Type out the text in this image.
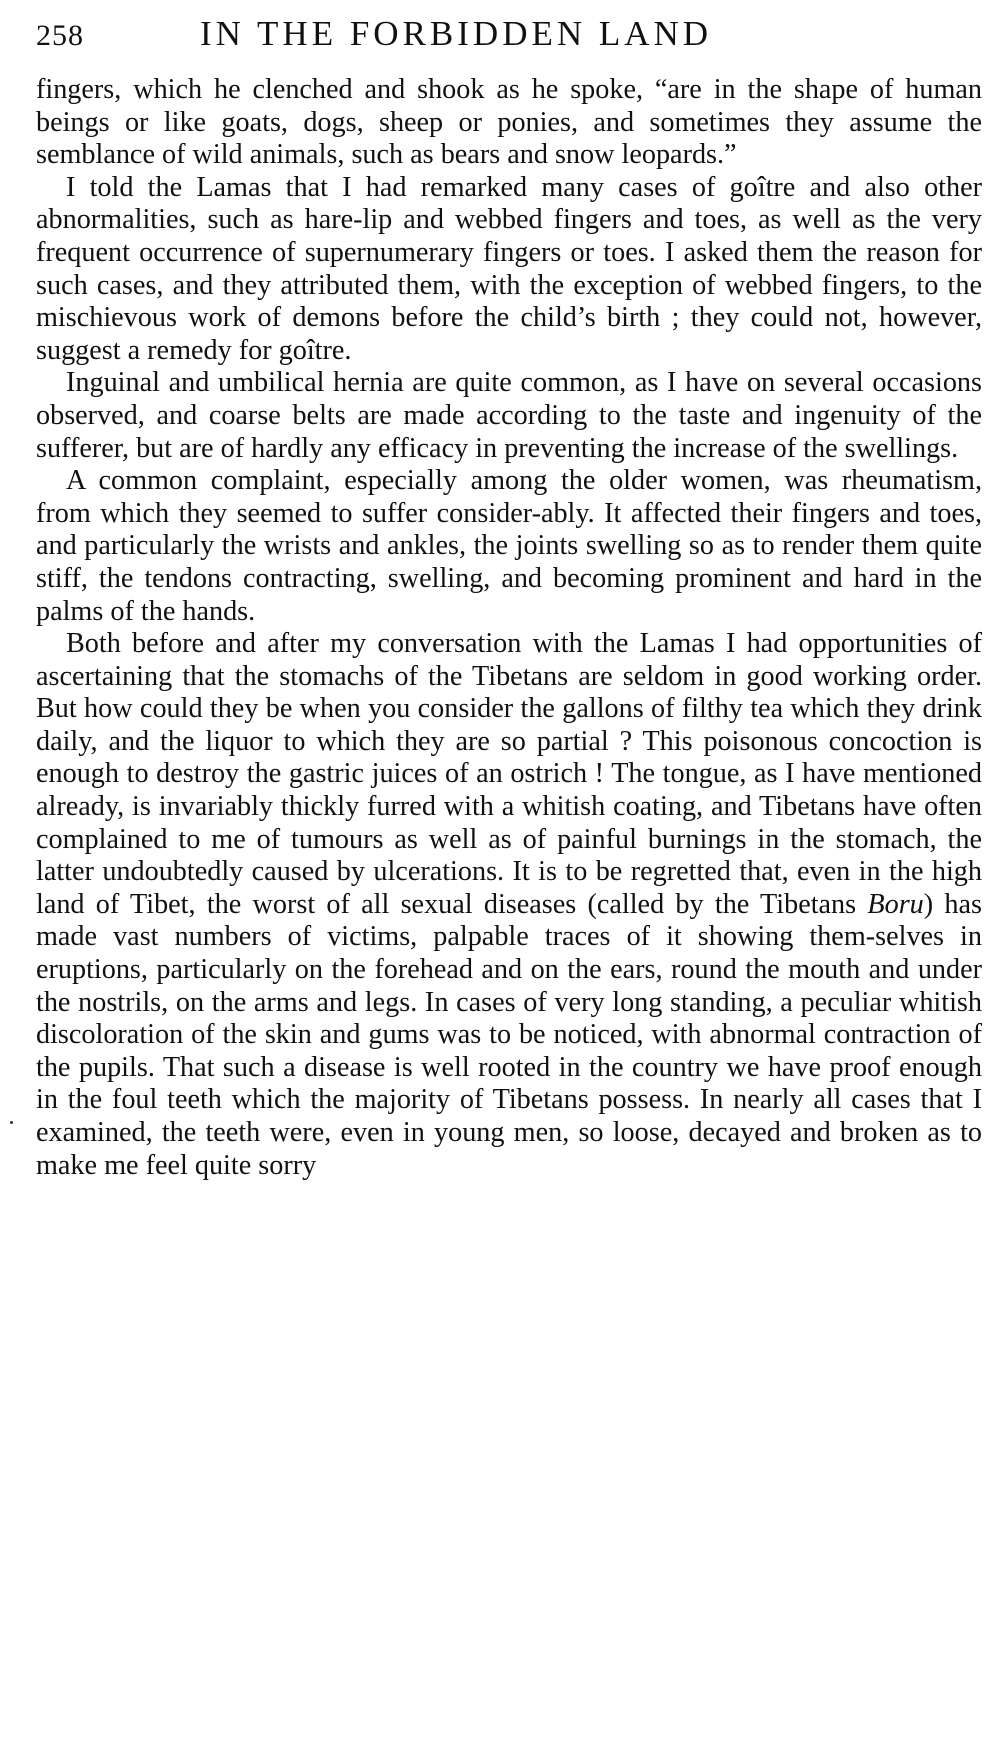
258	IN THE FORBIDDEN LAND

fingers, which he clenched and shook as he spoke, “are in the shape of human beings or like goats, dogs, sheep or ponies, and sometimes they assume the semblance of wild animals, such as bears and snow leopards.”

I told the Lamas that I had remarked many cases of goître and also other abnormalities, such as hare-lip and webbed fingers and toes, as well as the very frequent occurrence of supernumerary fingers or toes. I asked them the reason for such cases, and they attributed them, with the exception of webbed fingers, to the mischievous work of demons before the child’s birth ; they could not, however, suggest a remedy for goître.

Inguinal and umbilical hernia are quite common, as I have on several occasions observed, and coarse belts are made according to the taste and ingenuity of the sufferer, but are of hardly any efficacy in preventing the increase of the swellings.

A common complaint, especially among the older women, was rheumatism, from which they seemed to suffer consider-ably. It affected their fingers and toes, and particularly the wrists and ankles, the joints swelling so as to render them quite stiff, the tendons contracting, swelling, and becoming prominent and hard in the palms of the hands.

Both before and after my conversation with the Lamas I had opportunities of ascertaining that the stomachs of the Tibetans are seldom in good working order. But how could they be when you consider the gallons of filthy tea which they drink daily, and the liquor to which they are so partial ? This poisonous concoction is enough to destroy the gastric juices of an ostrich ! The tongue, as I have mentioned already, is invariably thickly furred with a whitish coating, and Tibetans have often complained to me of tumours as well as of painful burnings in the stomach, the latter undoubtedly caused by ulcerations. It is to be regretted that, even in the high land of Tibet, the worst of all sexual diseases (called by the Tibetans Boru) has made vast numbers of victims, palpable traces of it showing them-selves in eruptions, particularly on the forehead and on the ears, round the mouth and under the nostrils, on the arms and legs. In cases of very long standing, a peculiar whitish discoloration of the skin and gums was to be noticed, with abnormal contraction of the pupils. That such a disease is well rooted in the country we have proof enough in the foul teeth which the majority of Tibetans possess. In nearly all cases that I examined, the teeth were, even in young men, so loose, decayed and broken as to make me feel quite sorry
